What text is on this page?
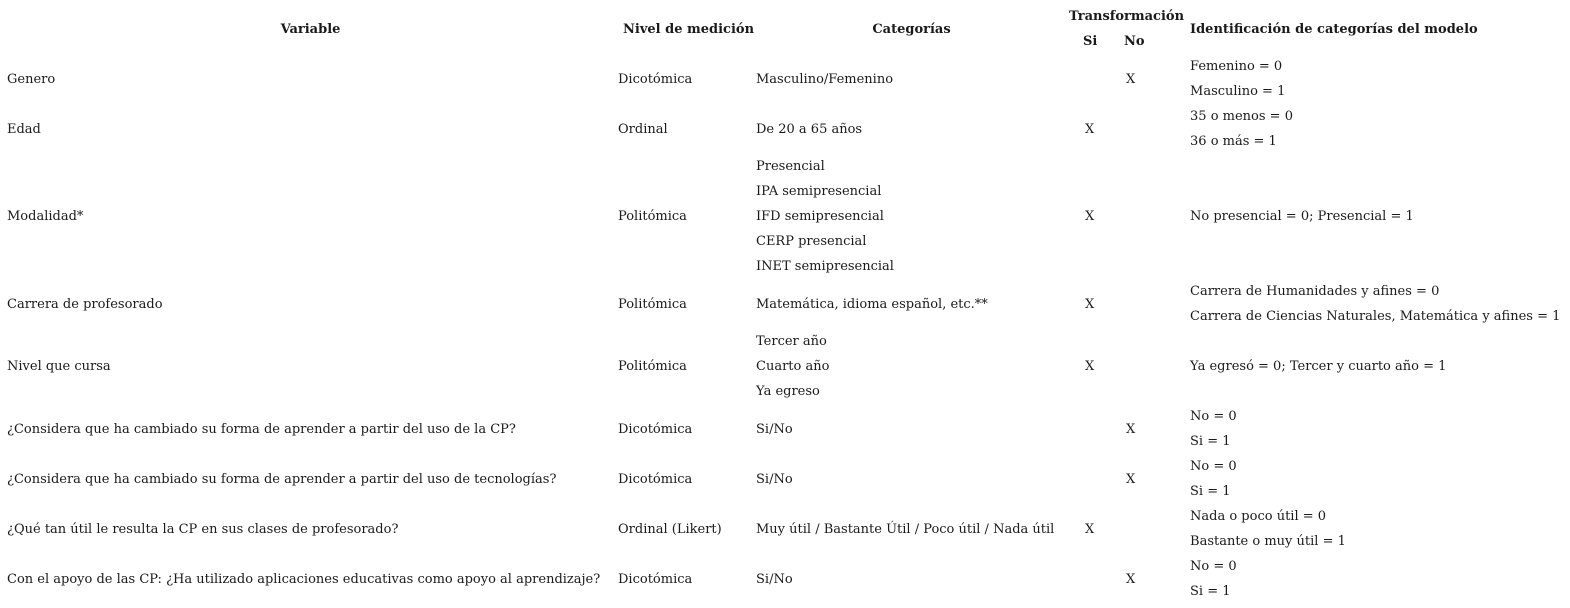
Variable	Nivel de medición	Categorías	Transformación		Identificación de categorías del modelo
			Si	No	
Genero	Dicotómica	Masculino/Femenino		X	Femenino = 0
Masculino = 1

Edad	Ordinal	De 20 a 65 años	X		35 o menos = 0
36 o más = 1

Modalidad*	Politómica	Presencial
IPA semipresencial
IFD semipresencial
CERP presencial
INET semipresencial	X		No presencial = 0; Presencial = 1

Carrera de profesorado	Politómica	Matemática, idioma español, etc.**	X		Carrera de Humanidades y afines = 0
Carrera de Ciencias Naturales, Matemática y afines = 1

Nivel que cursa	Politómica	Tercer año
Cuarto año
Ya egreso	X		Ya egresó = 0; Tercer y cuarto año = 1

¿Considera que ha cambiado su forma de aprender a partir del uso de la CP?	Dicotómica	Si/No		X	No = 0
Si = 1

¿Considera que ha cambiado su forma de aprender a partir del uso de tecnologías?	Dicotómica	Si/No		X	No = 0
Si = 1

¿Qué tan útil le resulta la CP en sus clases de profesorado?	Ordinal (Likert)	Muy útil / Bastante Útil / Poco útil / Nada útil	X		Nada o poco útil = 0
Bastante o muy útil = 1

Con el apoyo de las CP: ¿Ha utilizado aplicaciones educativas como apoyo al aprendizaje?	Dicotómica	Si/No		X	No = 0
Si = 1
